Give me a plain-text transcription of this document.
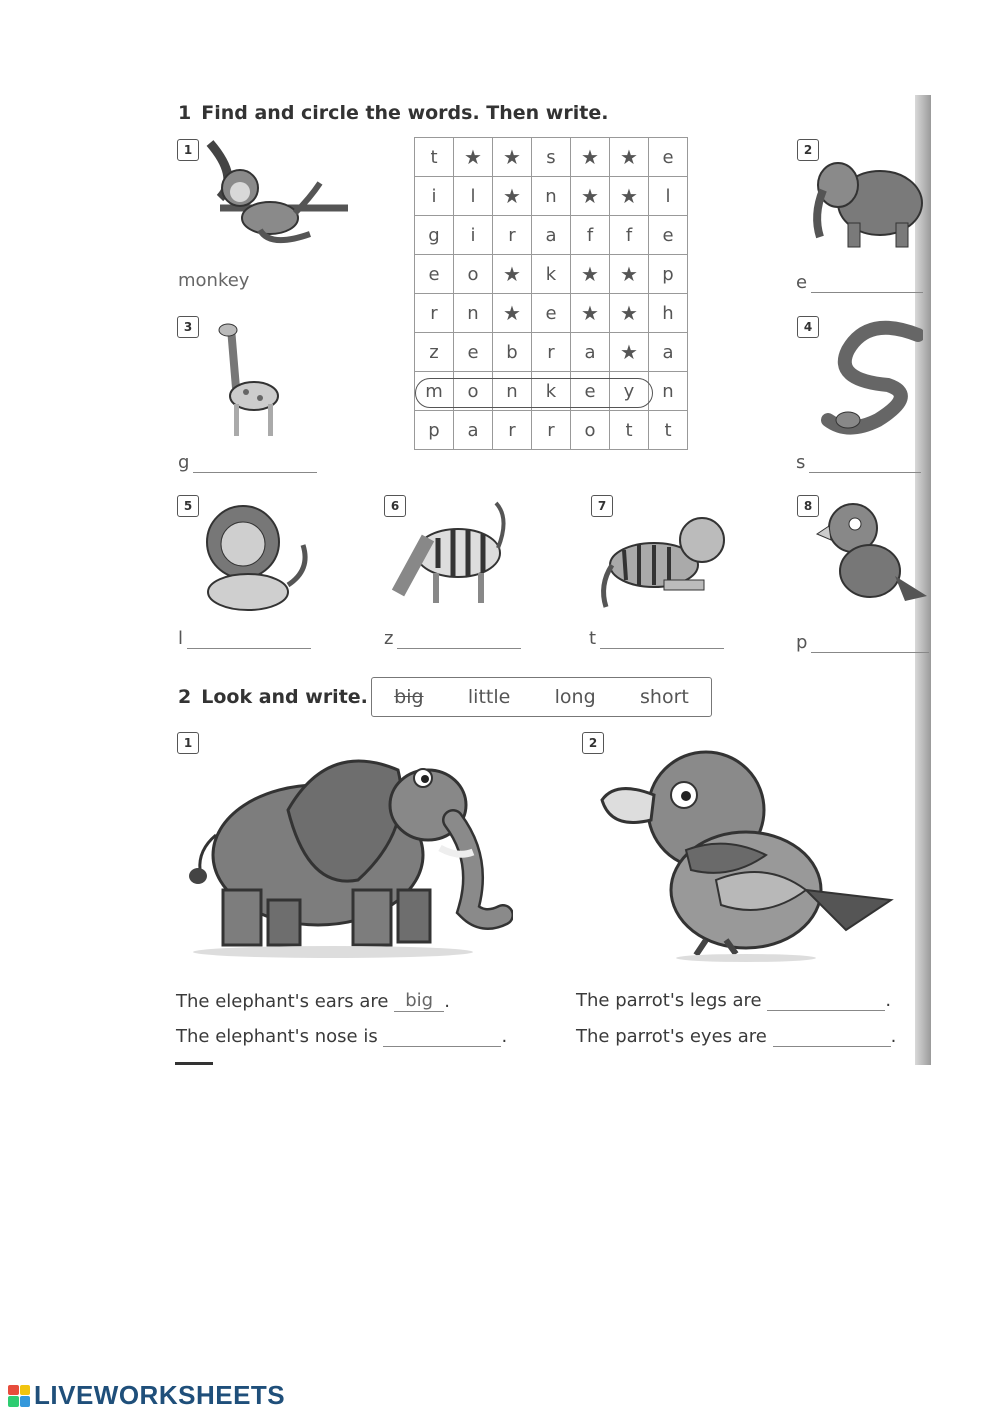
1 Find and circle the words. Then write.
1
monkey
t	★	★	s	★	★	e
i	l	★	n	★	★	l
g	i	r	a	f	f	e
e	o	★	k	★	★	p
r	n	★	e	★	★	h
z	e	b	r	a	★	a
m	o	n	k	e	y	n
p	a	r	r	o	t	t
2
e
3
g
4
s
5
l
6
z
7
t
8
p
2 Look and write. big little long short
1
The elephant's ears are big .
The elephant's nose is	.
2
The parrot's legs are	.
The parrot's eyes are	.
LIVEWORKSHEETS
